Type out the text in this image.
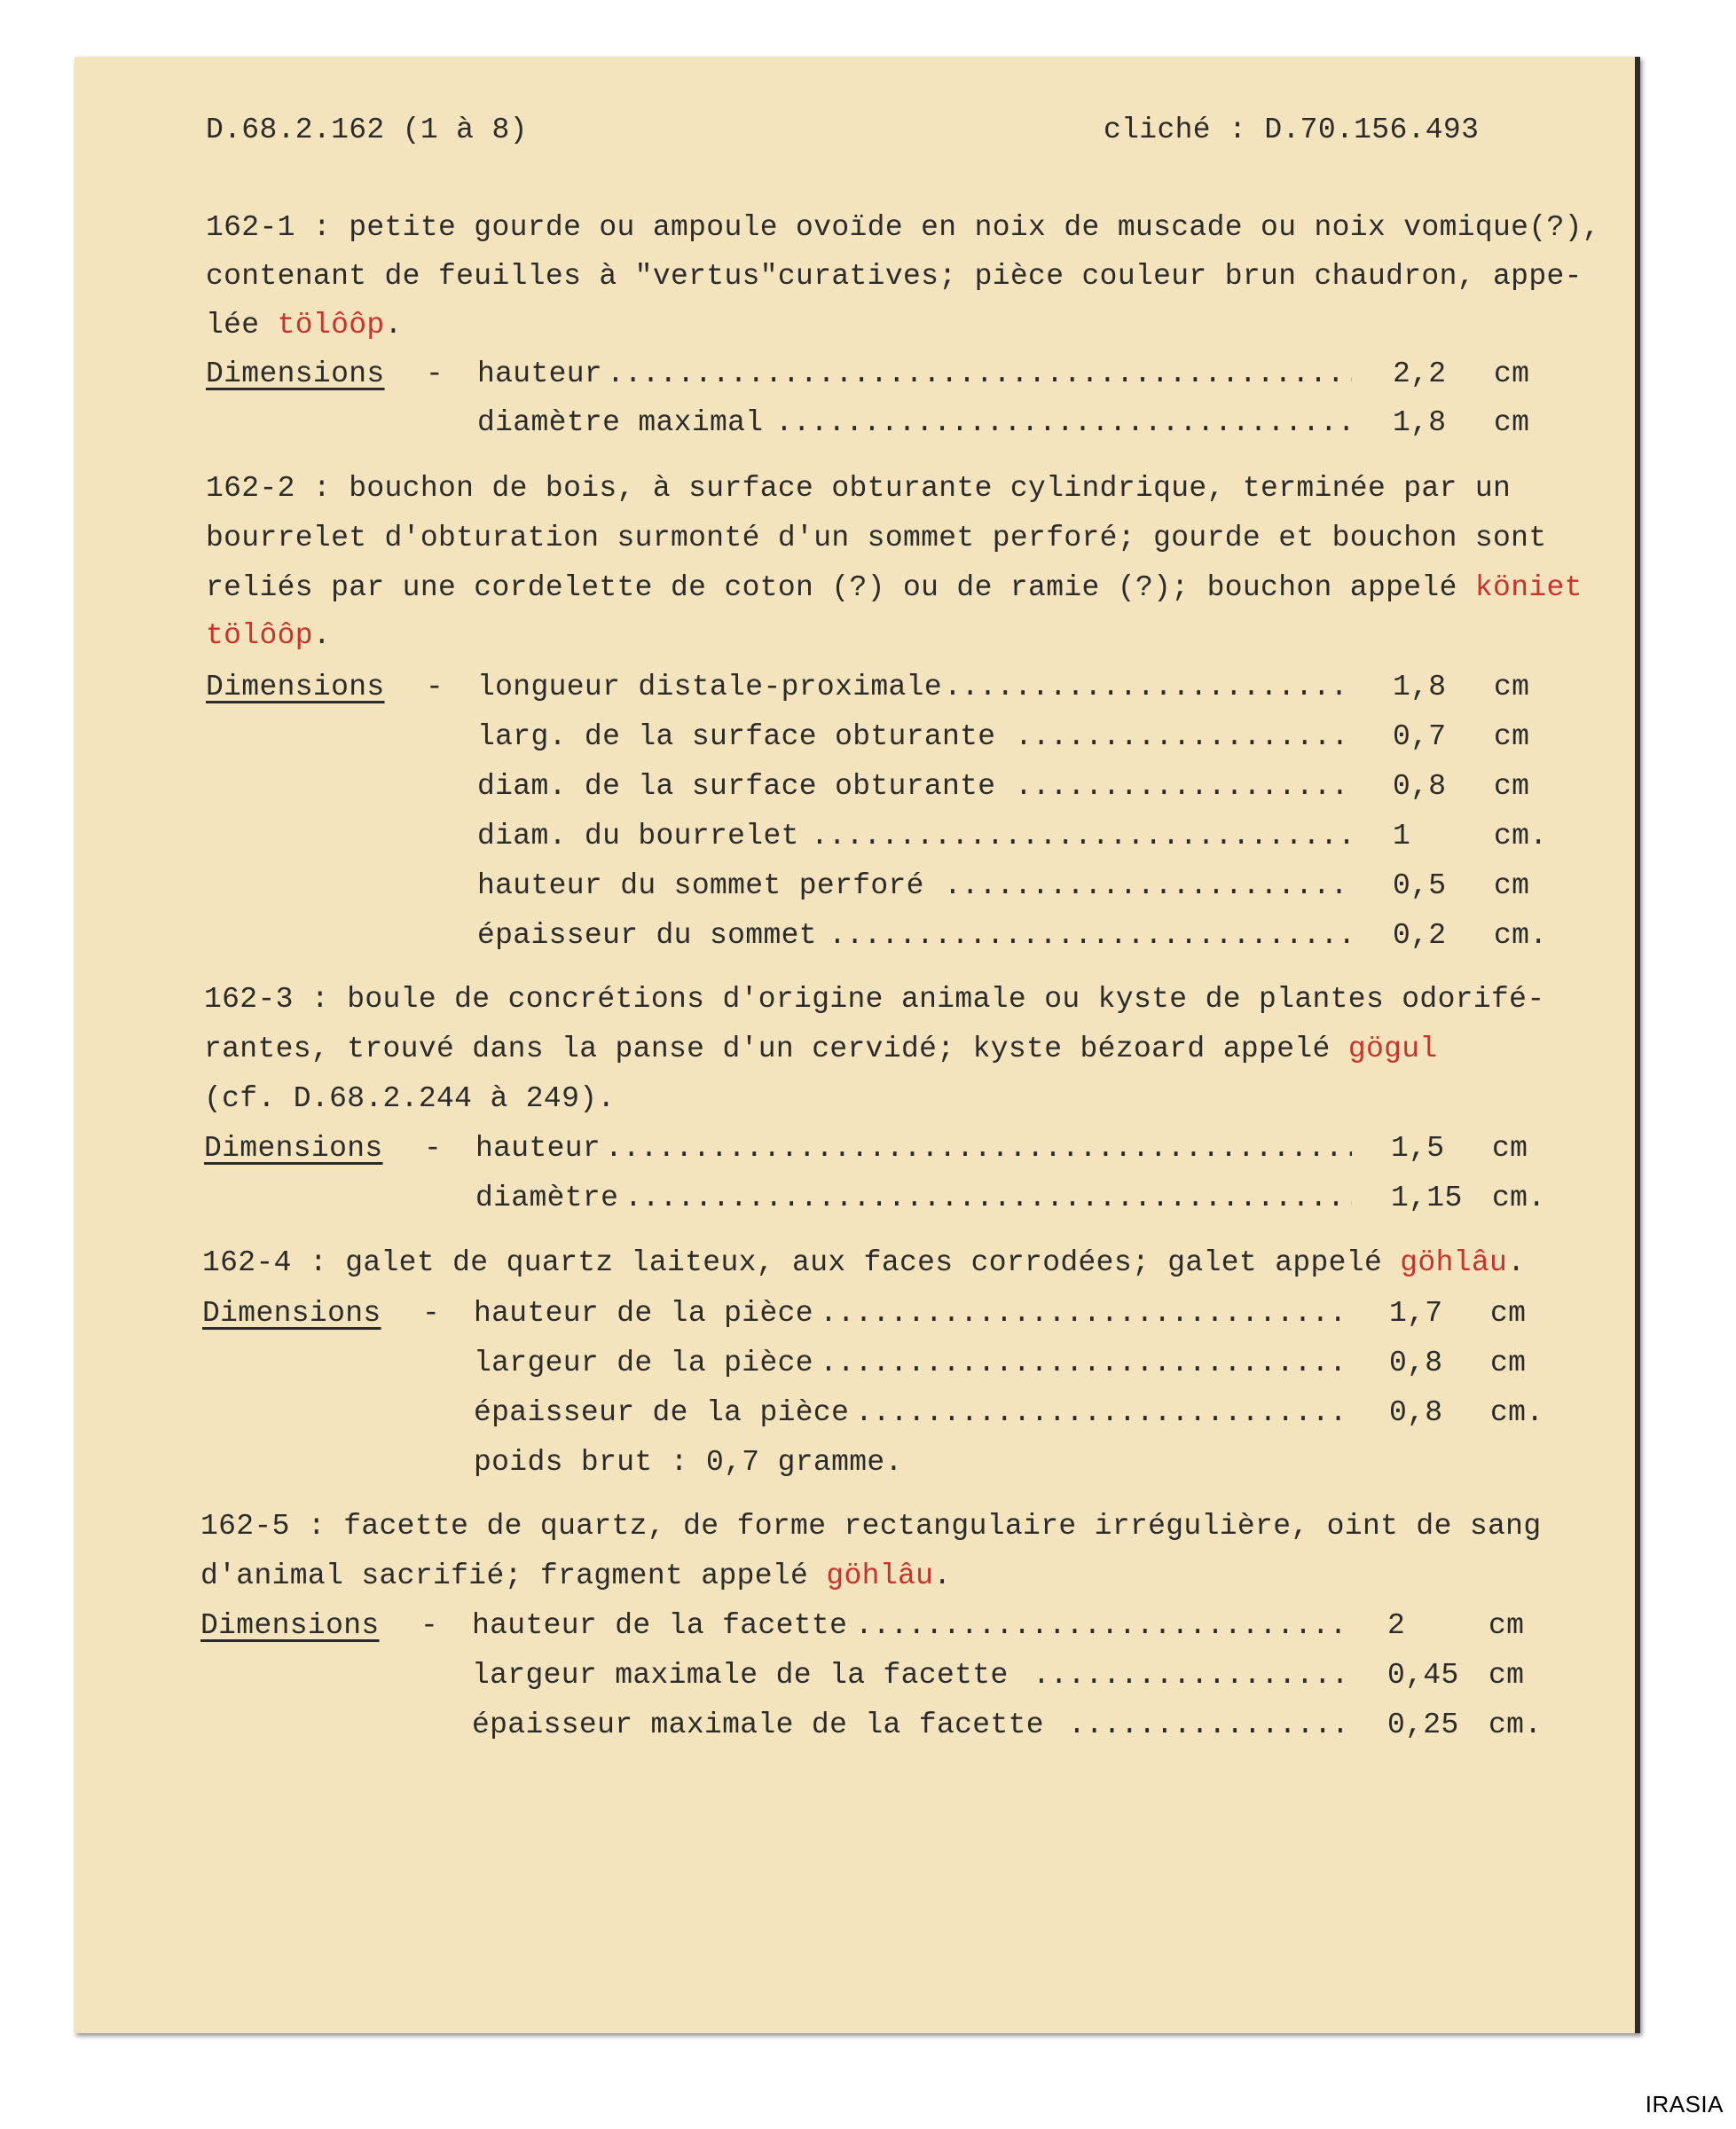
D.68.2.162 (1 à 8)	cliché : D.70.156.493
162-1 : petite gourde ou ampoule ovoïde en noix de muscade ou noix vomique(?),
contenant de feuilles à "vertus"curatives; pièce couleur brun chaudron, appe-
lée tölôôp.
Dimensions - hauteur .....	2,2 cm
diamètre maximal .....	1,8 cm
162-2 : bouchon de bois, à surface obturante cylindrique, terminée par un
bourrelet d'obturation surmonté d'un sommet perforé; gourde et bouchon sont
reliés par une cordelette de coton (?) ou de ramie (?); bouchon appelé köniet
tölôôp.
Dimensions - longueur distale-proximale .....	1,8 cm
larg. de la surface obturante .....	0,7 cm
diam. de la surface obturante .....	0,8 cm
diam. du bourrelet .....	1	cm.
hauteur du sommet perforé .....	0,5 cm
épaisseur du sommet .....	0,2 cm.
162-3 : boule de concrétions d'origine animale ou kyste de plantes odorifé-
rantes, trouvé dans la panse d'un cervidé; kyste bézoard appelé gögul
(cf. D.68.2.244 à 249).
Dimensions - hauteur .....	1,5 cm
diamètre .....	1,15 cm.
162-4 : galet de quartz laiteux, aux faces corrodées; galet appelé göhlâu.
Dimensions - hauteur de la pièce .....	1,7 cm
largeur de la pièce .....	0,8 cm
épaisseur de la pièce .....	0,8 cm.
poids brut : 0,7 gramme.
162-5 : facette de quartz, de forme rectangulaire irrégulière, oint de sang
d'animal sacrifié; fragment appelé göhlâu.
Dimensions - hauteur de la facette .....	2	cm
largeur maximale de la facette .....	0,45 cm
épaisseur maximale de la facette .....	0,25 cm.
IRASIA
